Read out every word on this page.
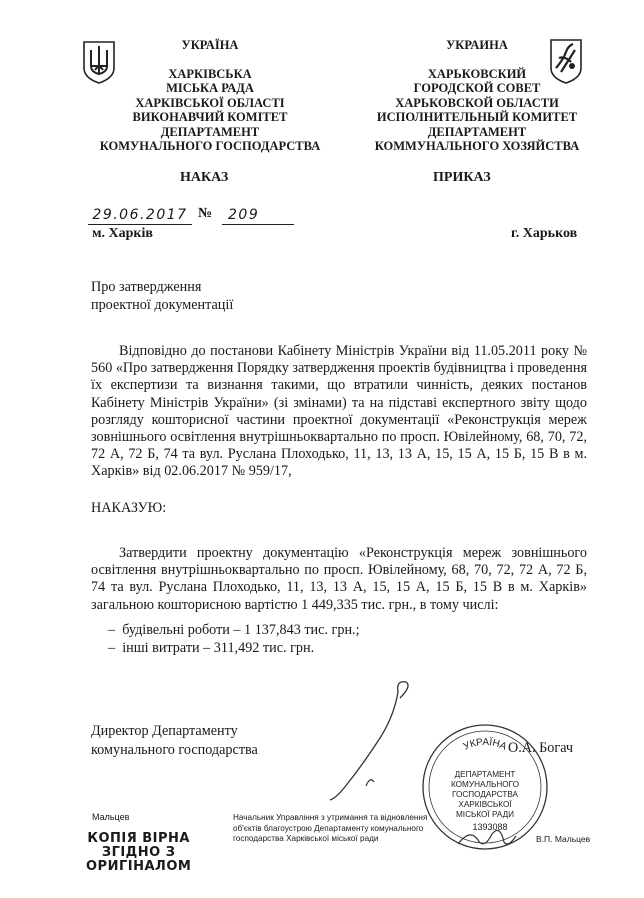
УКРАЇНА
ХАРКІВСЬКА
МІСЬКА РАДА
ХАРКІВСЬКОЇ ОБЛАСТІ
ВИКОНАВЧИЙ КОМІТЕТ
ДЕПАРТАМЕНТ
КОМУНАЛЬНОГО ГОСПОДАРСТВА
УКРАИНА
ХАРЬКОВСКИЙ
ГОРОДСКОЙ СОВЕТ
ХАРЬКОВСКОЙ ОБЛАСТИ
ИСПОЛНИТЕЛЬНЫЙ КОМИТЕТ
ДЕПАРТАМЕНТ
КОММУНАЛЬНОГО ХОЗЯЙСТВА
НАКАЗ	ПРИКАЗ
29.06.2017 №	209
м. Харків	г. Харьков
Про затвердження
проектної документації

Відповідно до постанови Кабінету Міністрів України від 11.05.2011 року № 560 «Про затвердження Порядку затвердження проектів будівництва і проведення їх експертизи та визнання такими, що втратили чинність, деяких постанов Кабінету Міністрів України» (зі змінами) та на підставі експертного звіту щодо розгляду кошторисної частини проектної документації «Реконструкція мереж зовнішнього освітлення внутрішньоквартально по просп. Ювілейному, 68, 70, 72, 72 А, 72 Б, 74 та вул. Руслана Плоходько, 11, 13, 13 А, 15, 15 А, 15 Б, 15 В в м. Харків» від 02.06.2017 № 959/17,

НАКАЗУЮ:

Затвердити проектну документацію «Реконструкція мереж зовнішнього освітлення внутрішньоквартально по просп. Ювілейному, 68, 70, 72, 72 А, 72 Б, 74 та вул. Руслана Плоходько, 11, 13, 13 А, 15, 15 А, 15 Б, 15 В в м. Харків» загальною кошторисною вартістю 1 449,335 тис. грн., в тому числі:

–  будівельні роботи – 1 137,843 тис. грн.;
–  інші витрати – 311,492 тис. грн.
Директор Департаменту
комунального господарства	О.А. Богач
УКРАЇНА
ДЕПАРТАМЕНТ
КОМУНАЛЬНОГО
ГОСПОДАРСТВА
ХАРКІВСЬКОЇ
МІСЬКОЇ РАДИ
1393088
Мальцев
КОПІЯ ВІРНА
ЗГІДНО З
ОРИГІНАЛОМ
Начальник Управління з утримання та відновлення
об'єктів благоустрою Департаменту комунального
господарства Харківської міської ради	В.П. Мальцев
